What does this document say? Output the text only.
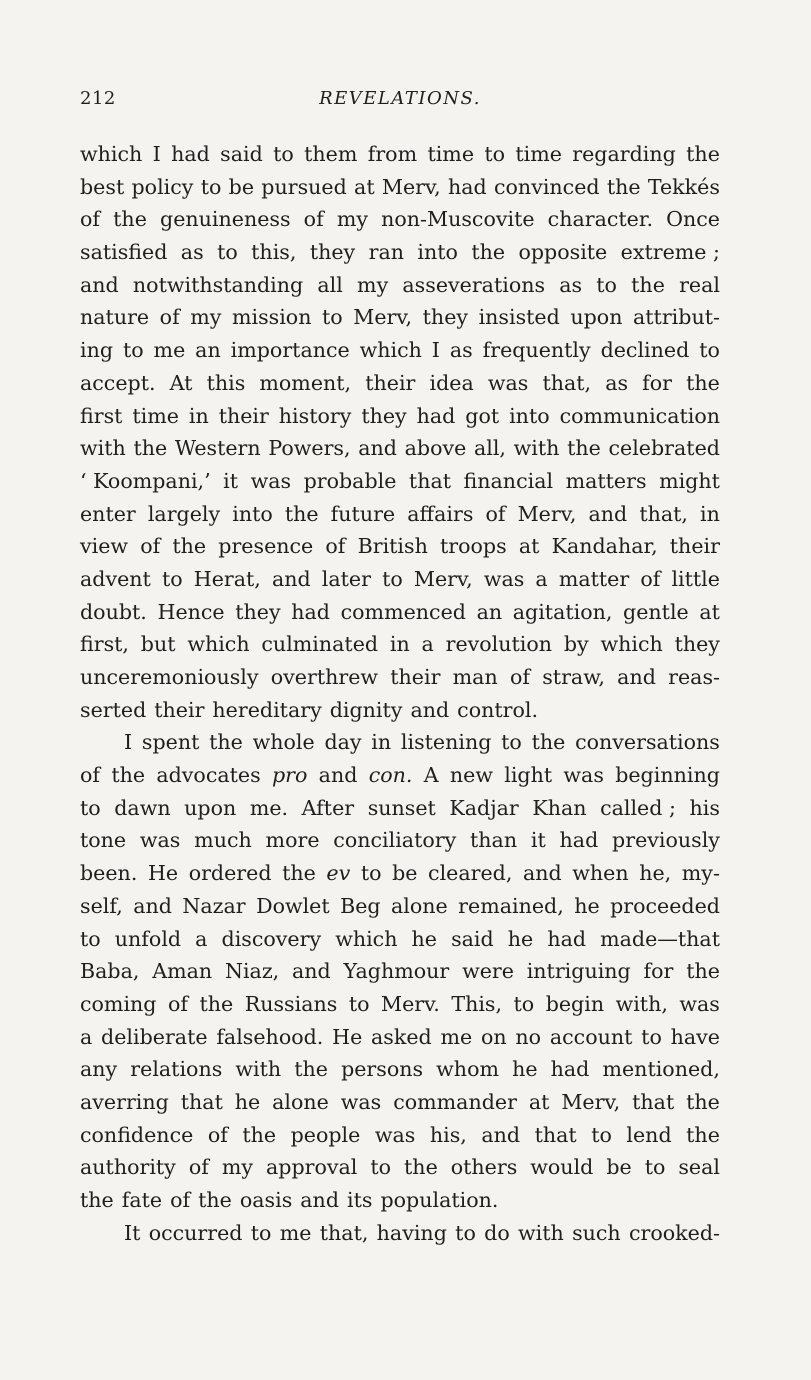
212	REVELATIONS.
which I had said to them from time to time regarding the
best policy to be pursued at Merv, had convinced the Tekkés
of the genuineness of my non-Muscovite character. Once
satisfied as to this, they ran into the opposite extreme ;
and notwithstanding all my asseverations as to the real
nature of my mission to Merv, they insisted upon attribut-
ing to me an importance which I as frequently declined to
accept. At this moment, their idea was that, as for the
first time in their history they had got into communication
with the Western Powers, and above all, with the celebrated
‘ Koompani,’ it was probable that financial matters might
enter largely into the future affairs of Merv, and that, in
view of the presence of British troops at Kandahar, their
advent to Herat, and later to Merv, was a matter of little
doubt. Hence they had commenced an agitation, gentle at
first, but which culminated in a revolution by which they
unceremoniously overthrew their man of straw, and reas-
serted their hereditary dignity and control.
I spent the whole day in listening to the conversations
of the advocates pro and con. A new light was beginning
to dawn upon me. After sunset Kadjar Khan called ; his
tone was much more conciliatory than it had previously
been. He ordered the ev to be cleared, and when he, my-
self, and Nazar Dowlet Beg alone remained, he proceeded
to unfold a discovery which he said he had made—that
Baba, Aman Niaz, and Yaghmour were intriguing for the
coming of the Russians to Merv. This, to begin with, was
a deliberate falsehood. He asked me on no account to have
any relations with the persons whom he had mentioned,
averring that he alone was commander at Merv, that the
confidence of the people was his, and that to lend the
authority of my approval to the others would be to seal
the fate of the oasis and its population.
It occurred to me that, having to do with such crooked-
